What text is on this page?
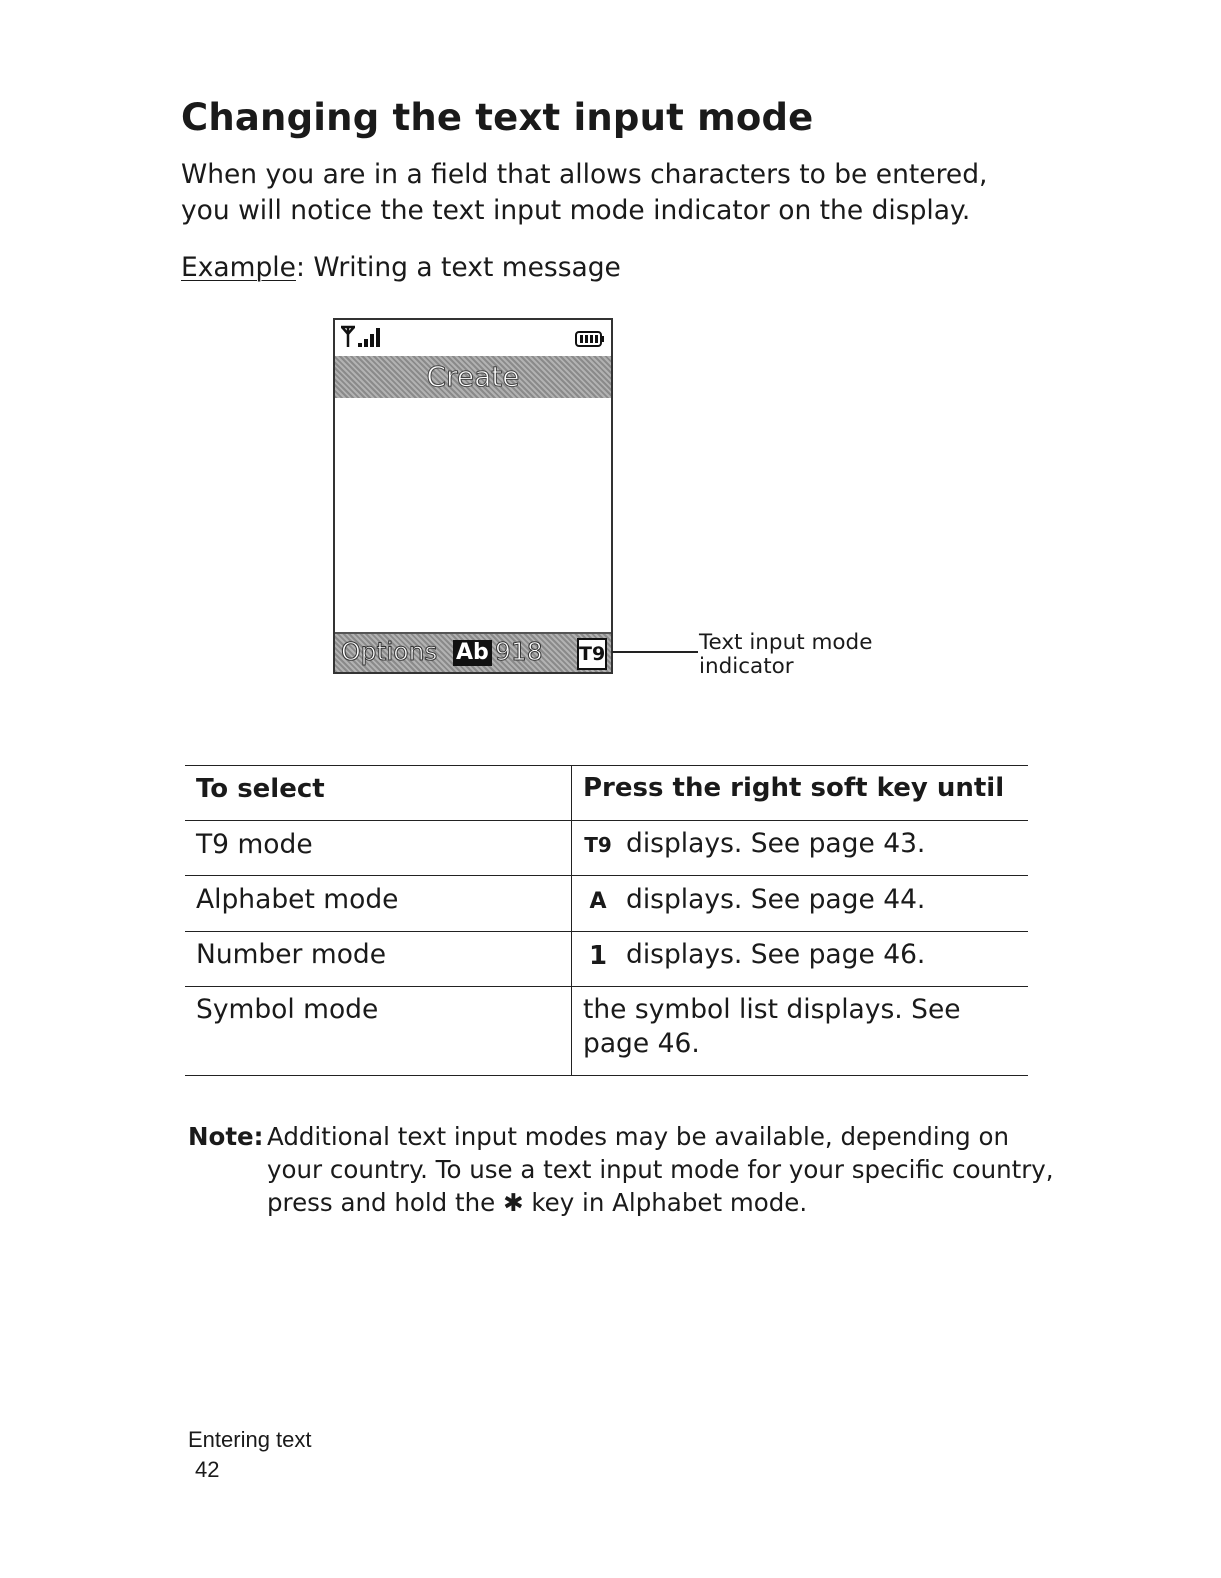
Changing the text input mode
When you are in a field that allows characters to be entered,
you will notice the text input mode indicator on the display.
Example: Writing a text message
Create
Options Ab 918 T9	Text input mode
indicator
To select	Press the right soft key until
T9 mode	T9 displays. See page 43.
Alphabet mode	A displays. See page 44.
Number mode	1 displays. See page 46.
Symbol mode	the symbol list displays. See
page 46.
Note: Additional text input modes may be available, depending on
your country. To use a text input mode for your specific country,
press and hold the ✱ key in Alphabet mode.
Entering text
42
